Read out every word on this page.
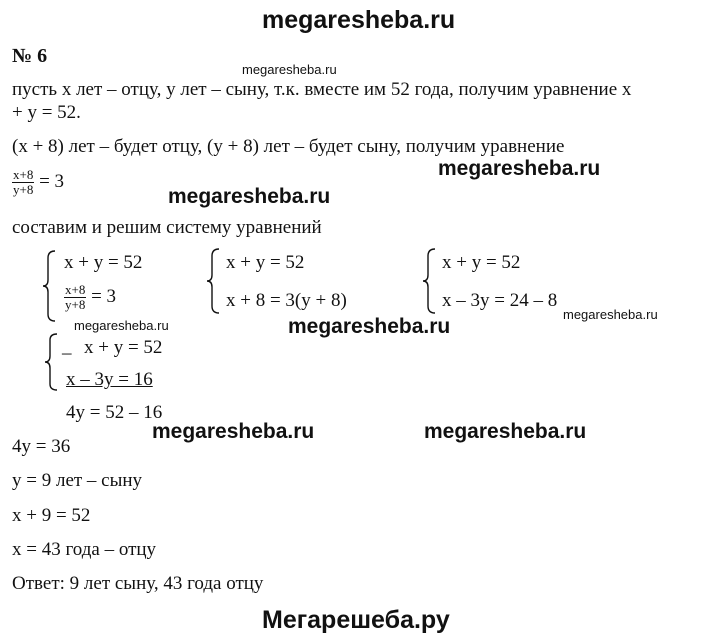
megaresheba.ru
№ 6
megaresheba.ru
пусть x лет – отцу, y лет – сыну, т.к. вместе им 52 года, получим уравнение x
+ y = 52.
(x + 8) лет – будет отцу, (y + 8) лет – будет сыну, получим уравнение
megaresheba.ru
$\frac{x+8}{y+8} = 3$
megaresheba.ru
составим и решим систему уравнений
x + y = 52
$\frac{x+8}{y+8} = 3$
x + y = 52
x + 8 = 3(y + 8)
x + y = 52
x – 3y = 24 – 8
megaresheba.ru
megaresheba.ru	megaresheba.ru
_ x + y = 52
x – 3y = 16
4y = 52 – 16
4y = 36
megaresheba.ru	megaresheba.ru
y = 9 лет – сыну
x + 9 = 52
x = 43 года – отцу
Ответ: 9 лет сыну, 43 года отцу
Мегарешеба.ру
